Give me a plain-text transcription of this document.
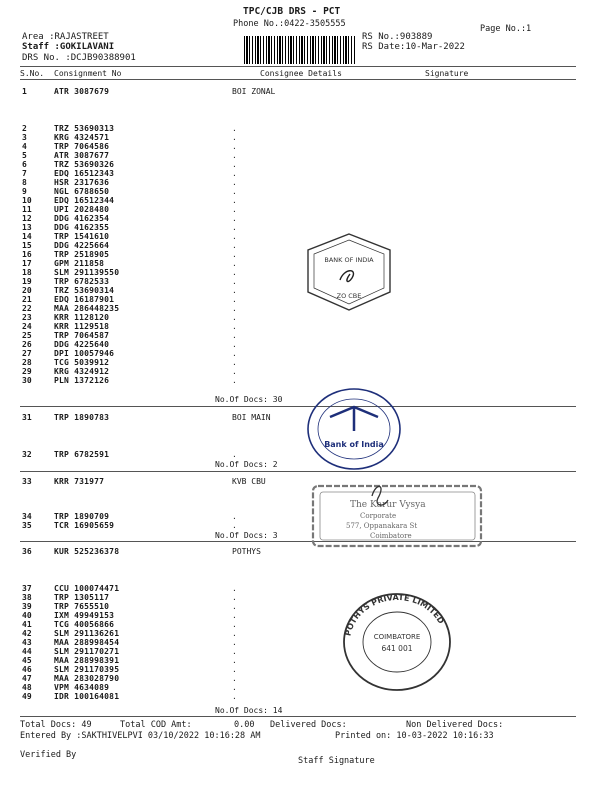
TPC/CJB DRS - PCT
Phone No.:0422-3505555	Page No.:1
Area :RAJASTREET
Staff :GOKILAVANI
DRS No. :DCJB90388901
RS No.:903889
RS Date:10-Mar-2022
S.No. Consignment No	Consignee Details	Signature
1	ATR 3087679	BOI ZONAL
2	TRZ 53690313	.
3	KRG 4324571	.
4	TRP 7064586	.
5	ATR 3087677	.
6	TRZ 53690326	.
7	EDQ 16512343	.
8	HSR 2317636	.
9	NGL 6788650	.
10	EDQ 16512344	.
11	UPI 2028480	.
12	DDG 4162354	.
13	DDG 4162355	.
14	TRP 1541610	.
15	DDG 4225664	.
16	TRP 2518905	.
17	GPM 211858	.
18	SLM 291139550	.
19	TRP 6782533	.
20	TRZ 53690314	.
21	EDQ 16187901	.
22	MAA 286448235	.
23	KRR 1128120	.
24	KRR 1129518	.
25	TRP 7064587	.
26	DDG 4225640	.
27	DPI 10057946	.
28	TCG 5039912	.
29	KRG 4324912	.
30	PLN 1372126	.
No.Of Docs: 30
31	TRP 1890783	BOI MAIN
32	TRP 6782591	.
No.Of Docs: 2
33	KRR 731977	KVB CBU
34	TRP 1890709	.
35	TCR 16905659	.
No.Of Docs: 3
36	KUR 525236378	POTHYS
37	CCU 100074471	.
38	TRP 1305117	.
39	TRP 7655510	.
40	IXM 49949153	.
41	TCG 40056866	.
42	SLM 291136261	.
43	MAA 288998454	.
44	SLM 291170271	.
45	MAA 288998391	.
46	SLM 291170395	.
47	MAA 283028790	.
48	VPM 4634089	.
49	IDR 100164081	.
No.Of Docs: 14
Total Docs: 49	Total COD Amt:	0.00 Delivered Docs:	Non Delivered Docs:
Entered By :SAKTHIVELPVI 03/10/2022 10:16:28 AM	Printed on: 10-03-2022 10:16:33
Verified By
Staff Signature
BANK OF INDIA
ZO CBE
Bank of India
The Karur Vysya
Corporate
577, Oppanakara St
Coimbatore
POTHYS PRIVATE LIMITED
COIMBATORE
641 001
